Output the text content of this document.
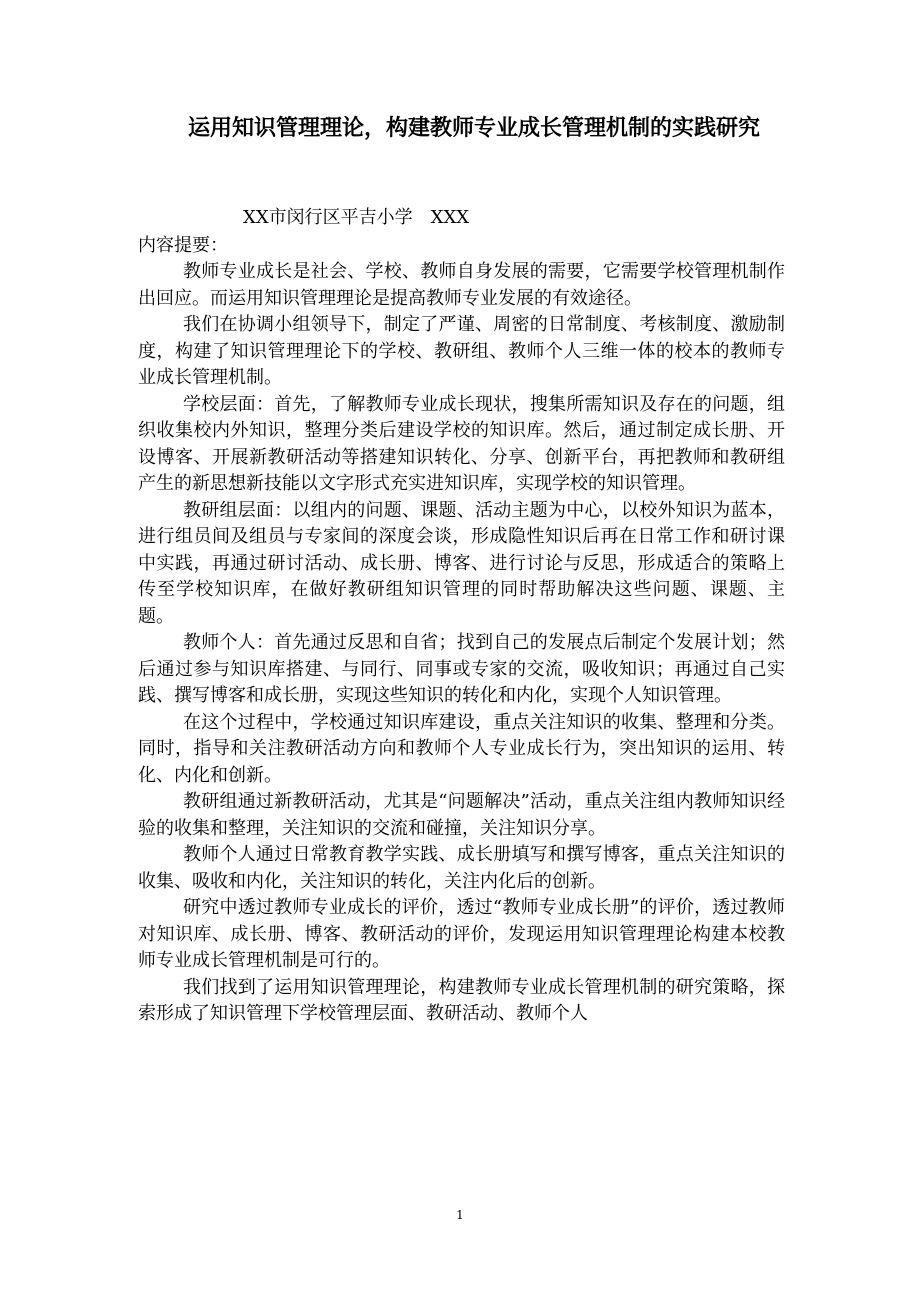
运用知识管理理论，构建教师专业成长管理机制的实践研究

XX市闵行区平吉小学　XXX

内容提要：

教师专业成长是社会、学校、教师自身发展的需要，它需要学校管理机制作出回应。而运用知识管理理论是提高教师专业发展的有效途径。

我们在协调小组领导下，制定了严谨、周密的日常制度、考核制度、激励制度，构建了知识管理理论下的学校、教研组、教师个人三维一体的校本的教师专业成长管理机制。

学校层面：首先，了解教师专业成长现状，搜集所需知识及存在的问题，组织收集校内外知识，整理分类后建设学校的知识库。然后，通过制定成长册、开设博客、开展新教研活动等搭建知识转化、分享、创新平台，再把教师和教研组产生的新思想新技能以文字形式充实进知识库，实现学校的知识管理。

教研组层面：以组内的问题、课题、活动主题为中心，以校外知识为蓝本，进行组员间及组员与专家间的深度会谈，形成隐性知识后再在日常工作和研讨课中实践，再通过研讨活动、成长册、博客、进行讨论与反思，形成适合的策略上传至学校知识库，在做好教研组知识管理的同时帮助解决这些问题、课题、主题。

教师个人：首先通过反思和自省；找到自己的发展点后制定个发展计划；然后通过参与知识库搭建、与同行、同事或专家的交流，吸收知识；再通过自己实践、撰写博客和成长册，实现这些知识的转化和内化，实现个人知识管理。

在这个过程中，学校通过知识库建设，重点关注知识的收集、整理和分类。同时，指导和关注教研活动方向和教师个人专业成长行为，突出知识的运用、转化、内化和创新。

教研组通过新教研活动，尤其是“问题解决”活动，重点关注组内教师知识经验的收集和整理，关注知识的交流和碰撞，关注知识分享。

教师个人通过日常教育教学实践、成长册填写和撰写博客，重点关注知识的收集、吸收和内化，关注知识的转化，关注内化后的创新。

研究中透过教师专业成长的评价，透过“教师专业成长册”的评价，透过教师对知识库、成长册、博客、教研活动的评价，发现运用知识管理理论构建本校教师专业成长管理机制是可行的。

我们找到了运用知识管理理论，构建教师专业成长管理机制的研究策略，探索形成了知识管理下学校管理层面、教研活动、教师个人

1
